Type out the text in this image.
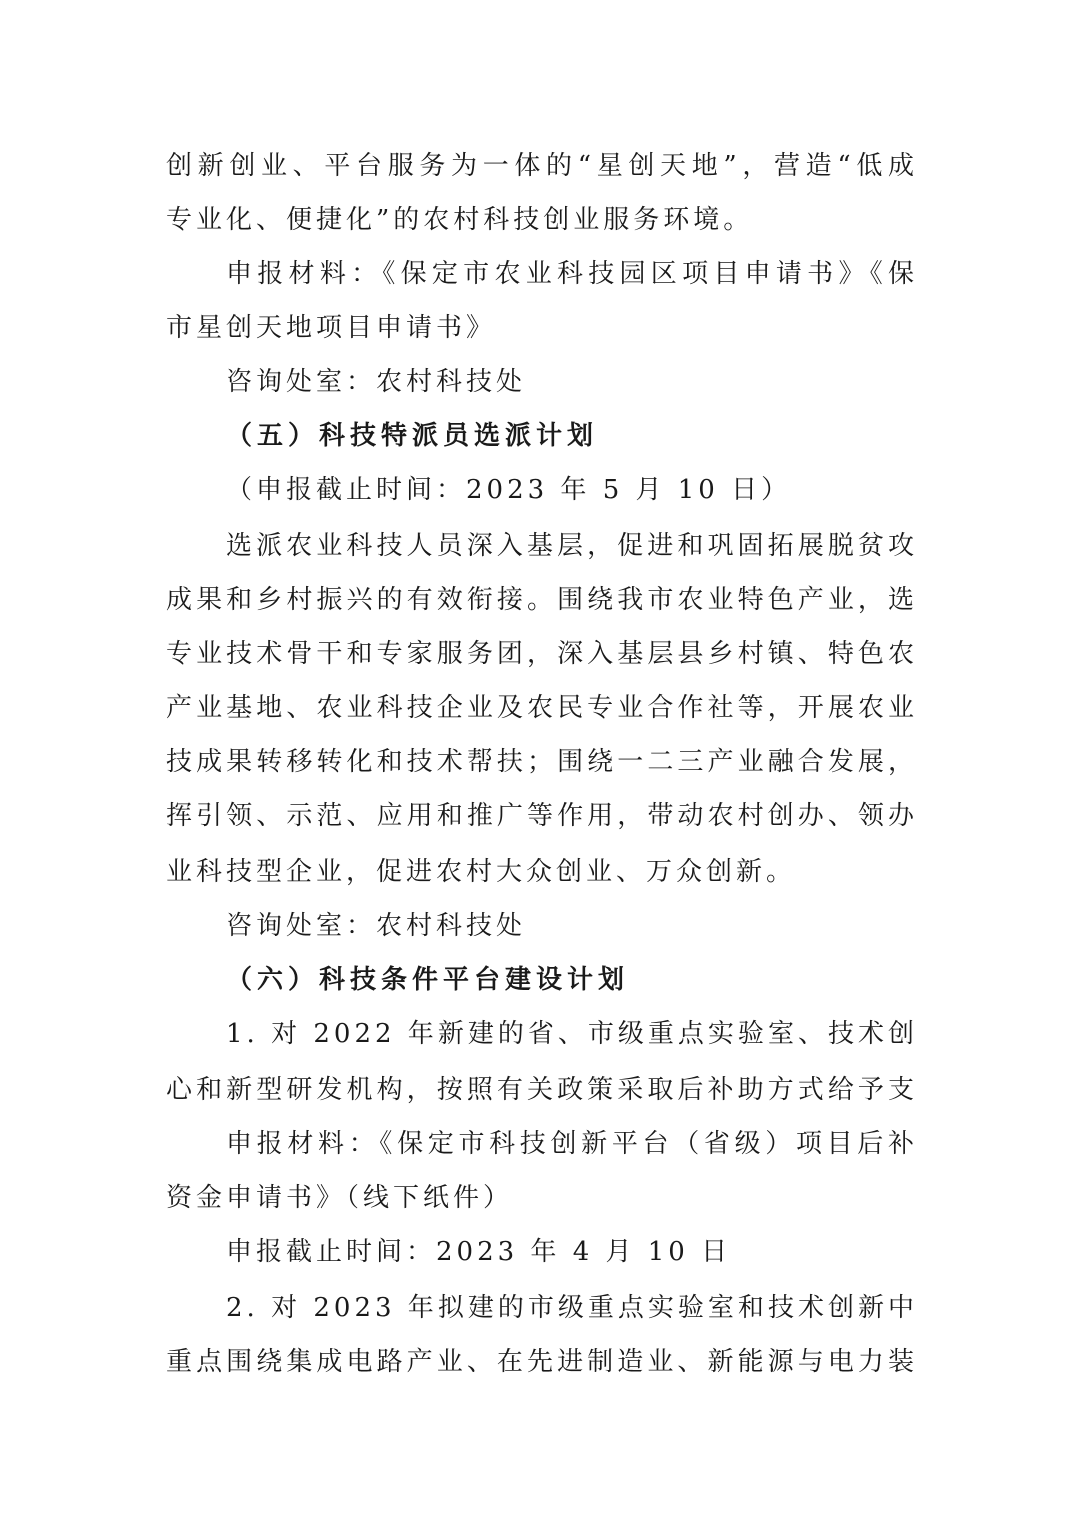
创新创业、平台服务为一体的“星创天地”，营造“低成
专业化、便捷化”的农村科技创业服务环境。
申报材料：《保定市农业科技园区项目申请书》《保
市星创天地项目申请书》
咨询处室：农村科技处
（五）科技特派员选派计划
（申报截止时间：2023 年 5 月 10 日）
选派农业科技人员深入基层，促进和巩固拓展脱贫攻
成果和乡村振兴的有效衔接。围绕我市农业特色产业，选
专业技术骨干和专家服务团，深入基层县乡村镇、特色农
产业基地、农业科技企业及农民专业合作社等，开展农业
技成果转移转化和技术帮扶；围绕一二三产业融合发展，
挥引领、示范、应用和推广等作用，带动农村创办、领办
业科技型企业，促进农村大众创业、万众创新。
咨询处室：农村科技处
（六）科技条件平台建设计划
1. 对 2022 年新建的省、市级重点实验室、技术创
心和新型研发机构，按照有关政策采取后补助方式给予支
申报材料：《保定市科技创新平台（省级）项目后补
资金申请书》（线下纸件）
申报截止时间：2023 年 4 月 10 日
2. 对 2023 年拟建的市级重点实验室和技术创新中
重点围绕集成电路产业、在先进制造业、新能源与电力装
